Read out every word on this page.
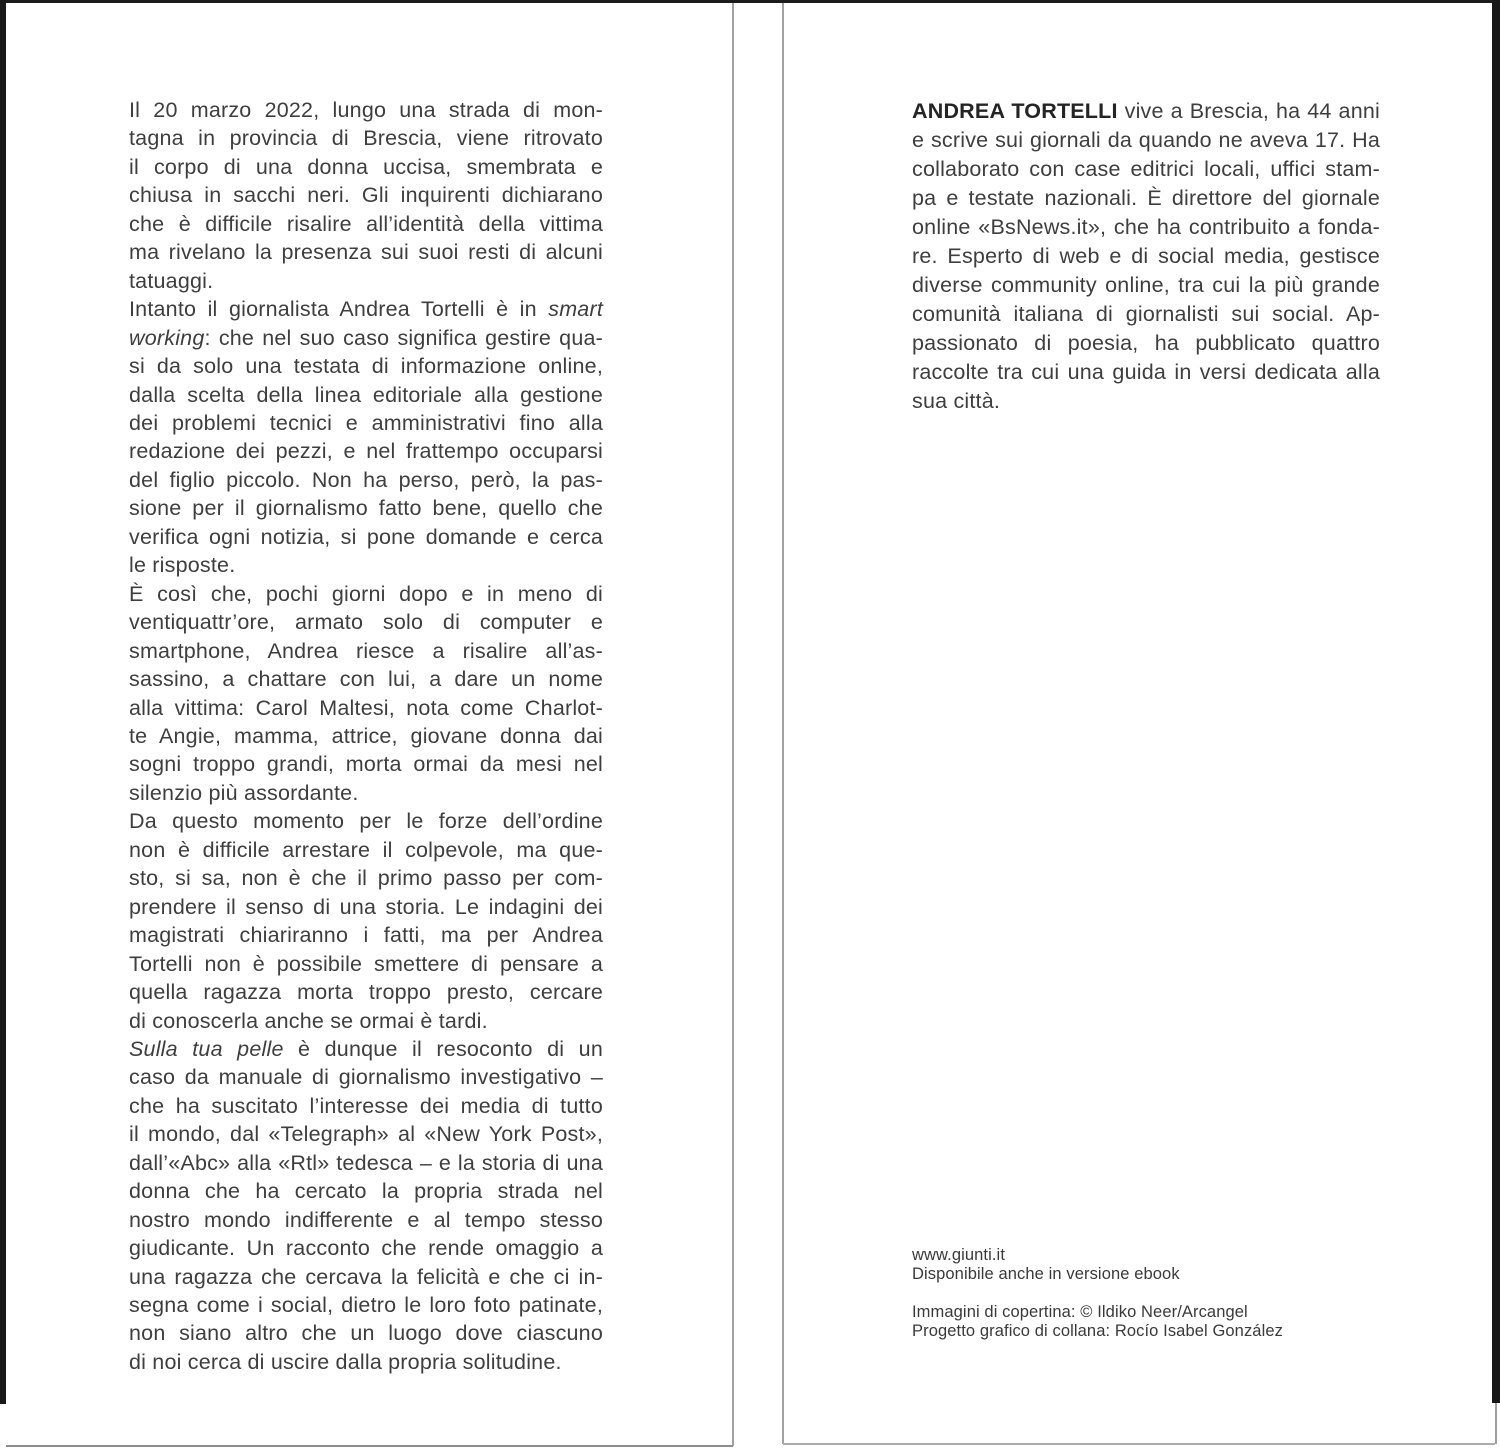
Il 20 marzo 2022, lungo una strada di mon-
tagna in provincia di Brescia, viene ritrovato
il corpo di una donna uccisa, smembrata e
chiusa in sacchi neri. Gli inquirenti dichiarano
che è difficile risalire all’identità della vittima
ma rivelano la presenza sui suoi resti di alcuni
tatuaggi.
Intanto il giornalista Andrea Tortelli è in smart
working: che nel suo caso significa gestire qua-
si da solo una testata di informazione online,
dalla scelta della linea editoriale alla gestione
dei problemi tecnici e amministrativi fino alla
redazione dei pezzi, e nel frattempo occuparsi
del figlio piccolo. Non ha perso, però, la pas-
sione per il giornalismo fatto bene, quello che
verifica ogni notizia, si pone domande e cerca
le risposte.
È così che, pochi giorni dopo e in meno di
ventiquattr’ore, armato solo di computer e
smartphone, Andrea riesce a risalire all’as-
sassino, a chattare con lui, a dare un nome
alla vittima: Carol Maltesi, nota come Charlot-
te Angie, mamma, attrice, giovane donna dai
sogni troppo grandi, morta ormai da mesi nel
silenzio più assordante.
Da questo momento per le forze dell’ordine
non è difficile arrestare il colpevole, ma que-
sto, si sa, non è che il primo passo per com-
prendere il senso di una storia. Le indagini dei
magistrati chiariranno i fatti, ma per Andrea
Tortelli non è possibile smettere di pensare a
quella ragazza morta troppo presto, cercare
di conoscerla anche se ormai è tardi.
Sulla tua pelle è dunque il resoconto di un
caso da manuale di giornalismo investigativo –
che ha suscitato l’interesse dei media di tutto
il mondo, dal «Telegraph» al «New York Post»,
dall’«Abc» alla «Rtl» tedesca – e la storia di una
donna che ha cercato la propria strada nel
nostro mondo indifferente e al tempo stesso
giudicante. Un racconto che rende omaggio a
una ragazza che cercava la felicità e che ci in-
segna come i social, dietro le loro foto patinate,
non siano altro che un luogo dove ciascuno
di noi cerca di uscire dalla propria solitudine.
ANDREA TORTELLI vive a Brescia, ha 44 anni
e scrive sui giornali da quando ne aveva 17. Ha
collaborato con case editrici locali, uffici stam-
pa e testate nazionali. È direttore del giornale
online «BsNews.it», che ha contribuito a fonda-
re. Esperto di web e di social media, gestisce
diverse community online, tra cui la più grande
comunità italiana di giornalisti sui social. Ap-
passionato di poesia, ha pubblicato quattro
raccolte tra cui una guida in versi dedicata alla
sua città.
www.giunti.it
Disponibile anche in versione ebook
Immagini di copertina: © Ildiko Neer/Arcangel
Progetto grafico di collana: Rocío Isabel González
